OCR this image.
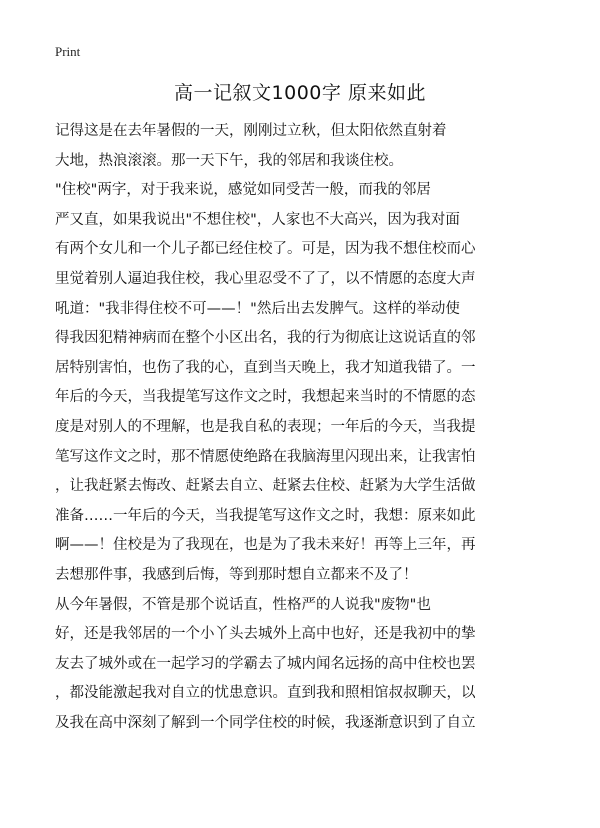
Print
高一记叙文1000字 原来如此
记得这是在去年暑假的一天，刚刚过立秋，但太阳依然直射着
大地，热浪滚滚。那一天下午，我的邻居和我谈住校。
"住校"两字，对于我来说，感觉如同受苦一般，而我的邻居
严又直，如果我说出"不想住校"，人家也不大高兴，因为我对面
有两个女儿和一个儿子都已经住校了。可是，因为我不想住校而心
里觉着别人逼迫我住校，我心里忍受不了了，以不情愿的态度大声
吼道："我非得住校不可——！"然后出去发脾气。这样的举动使
得我因犯精神病而在整个小区出名，我的行为彻底让这说话直的邻
居特别害怕，也伤了我的心，直到当天晚上，我才知道我错了。一
年后的今天，当我提笔写这作文之时，我想起来当时的不情愿的态
度是对别人的不理解，也是我自私的表现；一年后的今天，当我提
笔写这作文之时，那不情愿使绝路在我脑海里闪现出来，让我害怕
，让我赶紧去悔改、赶紧去自立、赶紧去住校、赶紧为大学生活做
准备……一年后的今天，当我提笔写这作文之时，我想：原来如此
啊——！住校是为了我现在，也是为了我未来好！再等上三年，再
去想那件事，我感到后悔，等到那时想自立都来不及了！
从今年暑假，不管是那个说话直，性格严的人说我"废物"也
好，还是我邻居的一个小丫头去城外上高中也好，还是我初中的挚
友去了城外或在一起学习的学霸去了城内闻名远扬的高中住校也罢
，都没能激起我对自立的忧患意识。直到我和照相馆叔叔聊天，以
及我在高中深刻了解到一个同学住校的时候，我逐渐意识到了自立
